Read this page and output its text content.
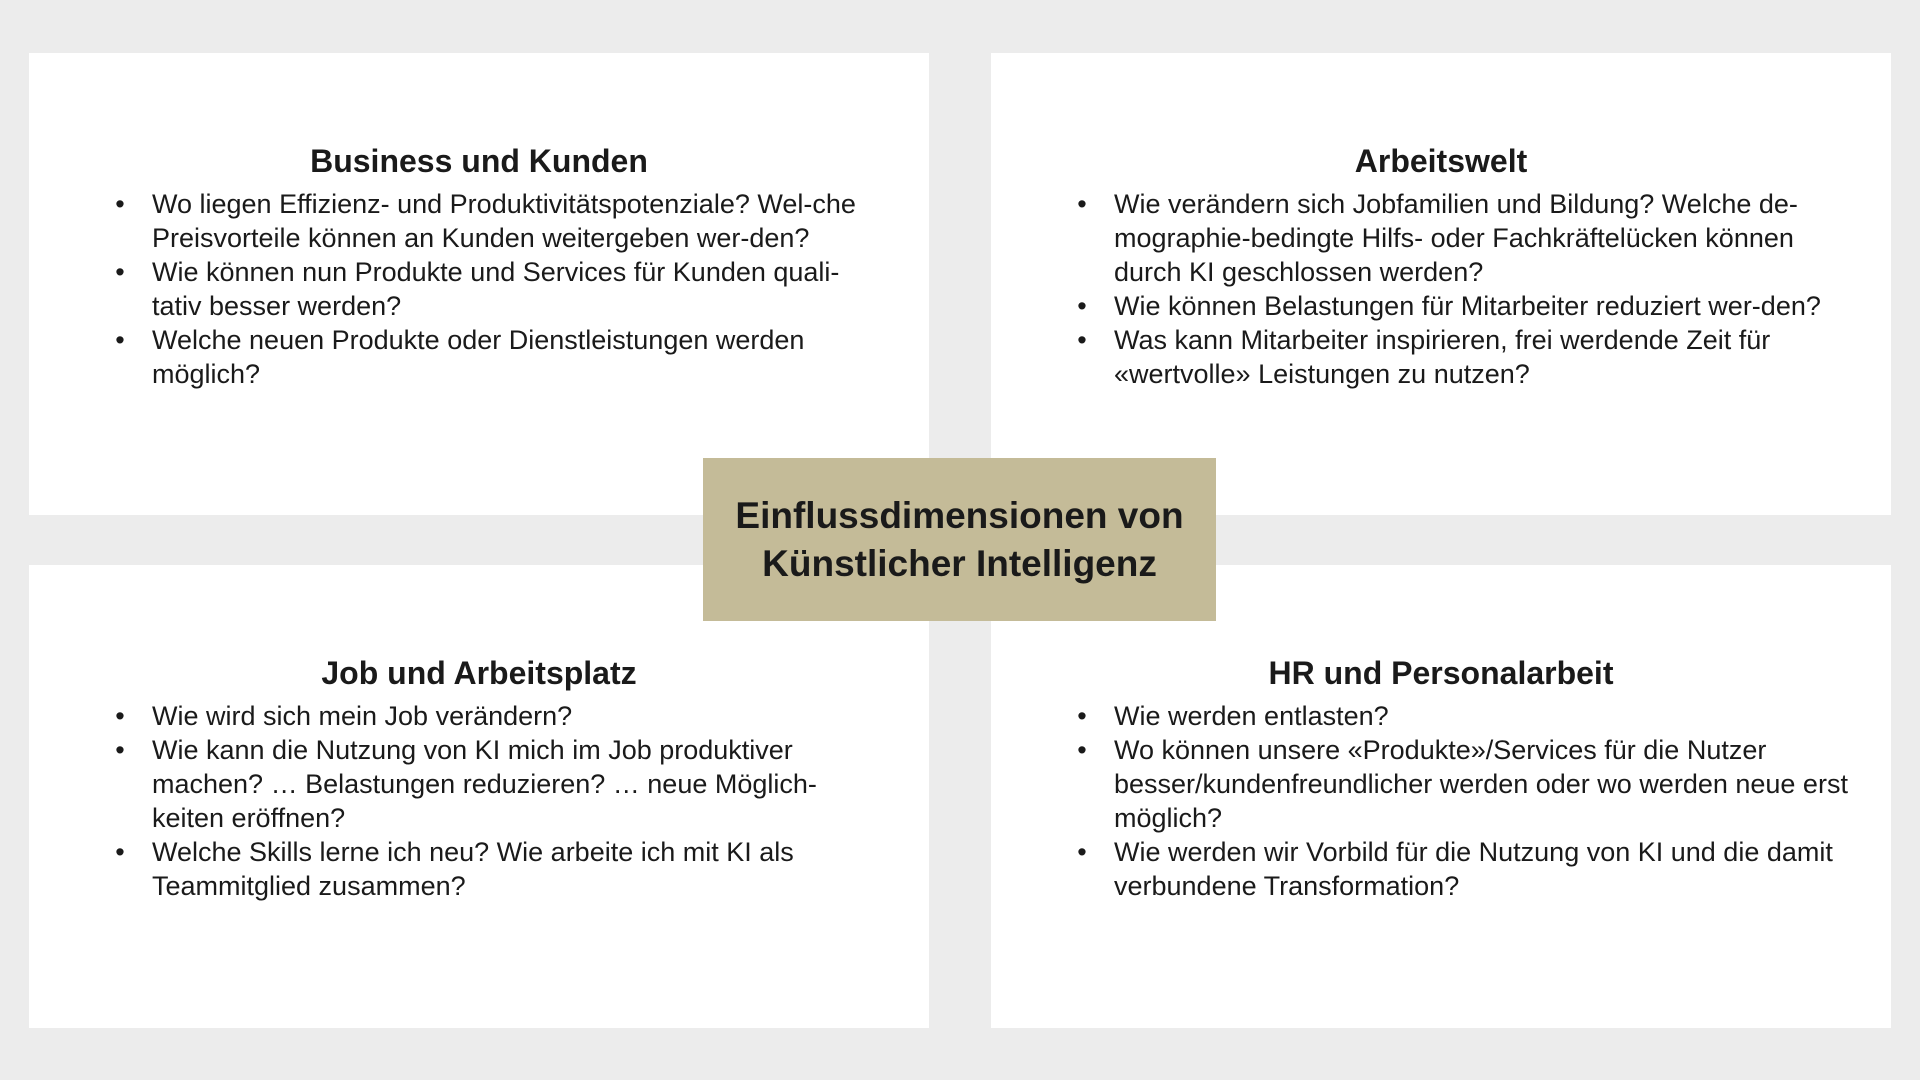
Business und Kunden
• Wo liegen Effizienz- und Produktivitätspotenziale? Wel-che Preisvorteile können an Kunden weitergeben wer-den?
• Wie können nun Produkte und Services für Kunden quali-tativ besser werden?
• Welche neuen Produkte oder Dienstleistungen werden möglich?
Arbeitswelt
• Wie verändern sich Jobfamilien und Bildung? Welche de-mographie-bedingte Hilfs- oder Fachkräftelücken können durch KI geschlossen werden?
• Wie können Belastungen für Mitarbeiter reduziert wer-den?
• Was kann Mitarbeiter inspirieren, frei werdende Zeit für «wertvolle» Leistungen zu nutzen?
Job und Arbeitsplatz
• Wie wird sich mein Job verändern?
• Wie kann die Nutzung von KI mich im Job produktiver machen? … Belastungen reduzieren? … neue Möglich-keiten eröffnen?
• Welche Skills lerne ich neu? Wie arbeite ich mit KI als Teammitglied zusammen?
HR und Personalarbeit
• Wie werden entlasten?
• Wo können unsere «Produkte»/Services für die Nutzer besser/kundenfreundlicher werden oder wo werden neue erst möglich?
• Wie werden wir Vorbild für die Nutzung von KI und die damit verbundene Transformation?
Einflussdimensionen von
Künstlicher Intelligenz
